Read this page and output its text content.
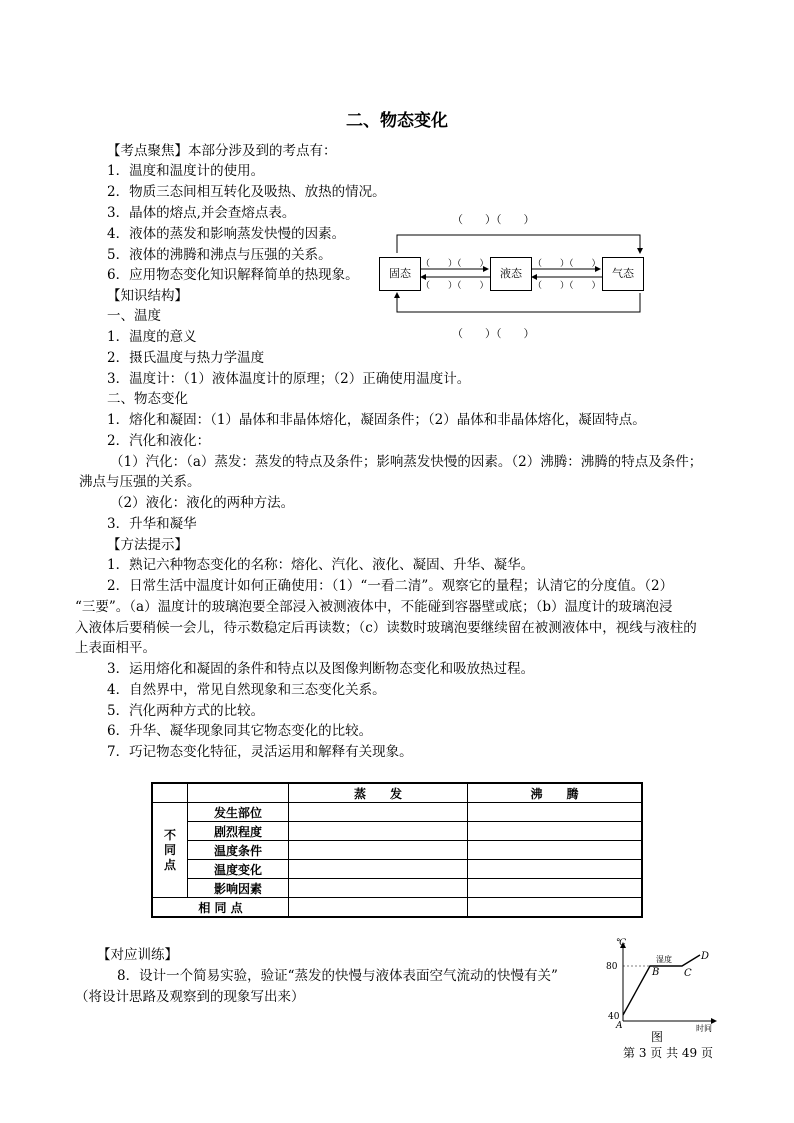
二、物态变化
【考点聚焦】本部分涉及到的考点有：
1．温度和温度计的使用。
2．物质三态间相互转化及吸热、放热的情况。
3．晶体的熔点,并会查熔点表。
4．液体的蒸发和影响蒸发快慢的因素。
5．液体的沸腾和沸点与压强的关系。
6．应用物态变化知识解释简单的热现象。	固态	液态	气态
（　　）（　　）
（　　）（　　）
（　　）（　　）
（　　）（　　）
（　　）（　　）
（　　）（　　）
【知识结构】
一、温度
1．温度的意义
2．摄氏温度与热力学温度
3．温度计：（1）液体温度计的原理；（2）正确使用温度计。
二、物态变化
1．熔化和凝固：（1）晶体和非晶体熔化，凝固条件；（2）晶体和非晶体熔化，凝固特点。
2．汽化和液化：
（1）汽化：（a）蒸发：蒸发的特点及条件；影响蒸发快慢的因素。（2）沸腾：沸腾的特点及条件；
沸点与压强的关系。
（2）液化：液化的两种方法。
3．升华和凝华
【方法提示】
1．熟记六种物态变化的名称：熔化、汽化、液化、凝固、升华、凝华。
2．日常生活中温度计如何正确使用：（1）“一看二清”。观察它的量程；认清它的分度值。（2）
“三要”。（a）温度计的玻璃泡要全部浸入被测液体中，不能碰到容器壁或底；（b）温度计的玻璃泡浸
入液体后要稍候一会儿，待示数稳定后再读数；（c）读数时玻璃泡要继续留在被测液体中，视线与液柱的
上表面相平。
3．运用熔化和凝固的条件和特点以及图像判断物态变化和吸放热过程。
4．自然界中，常见自然现象和三态变化关系。
5．汽化两种方式的比较。
6．升华、凝华现象同其它物态变化的比较。
7．巧记物态变化特征，灵活运用和解释有关现象。
		蒸　　发	沸　　腾
不
同
点	发生部位		
	剧烈程度		
	温度条件		
	温度变化		
	影响因素		
相 同 点			
【对应训练】
8．设计一个简易实验，验证“蒸发的快慢与液体表面空气流动的快慢有关”
（将设计思路及观察到的现象写出来）
湿度
℃
80
40
A
B C
D
时间
图
第 3 页 共 49 页
